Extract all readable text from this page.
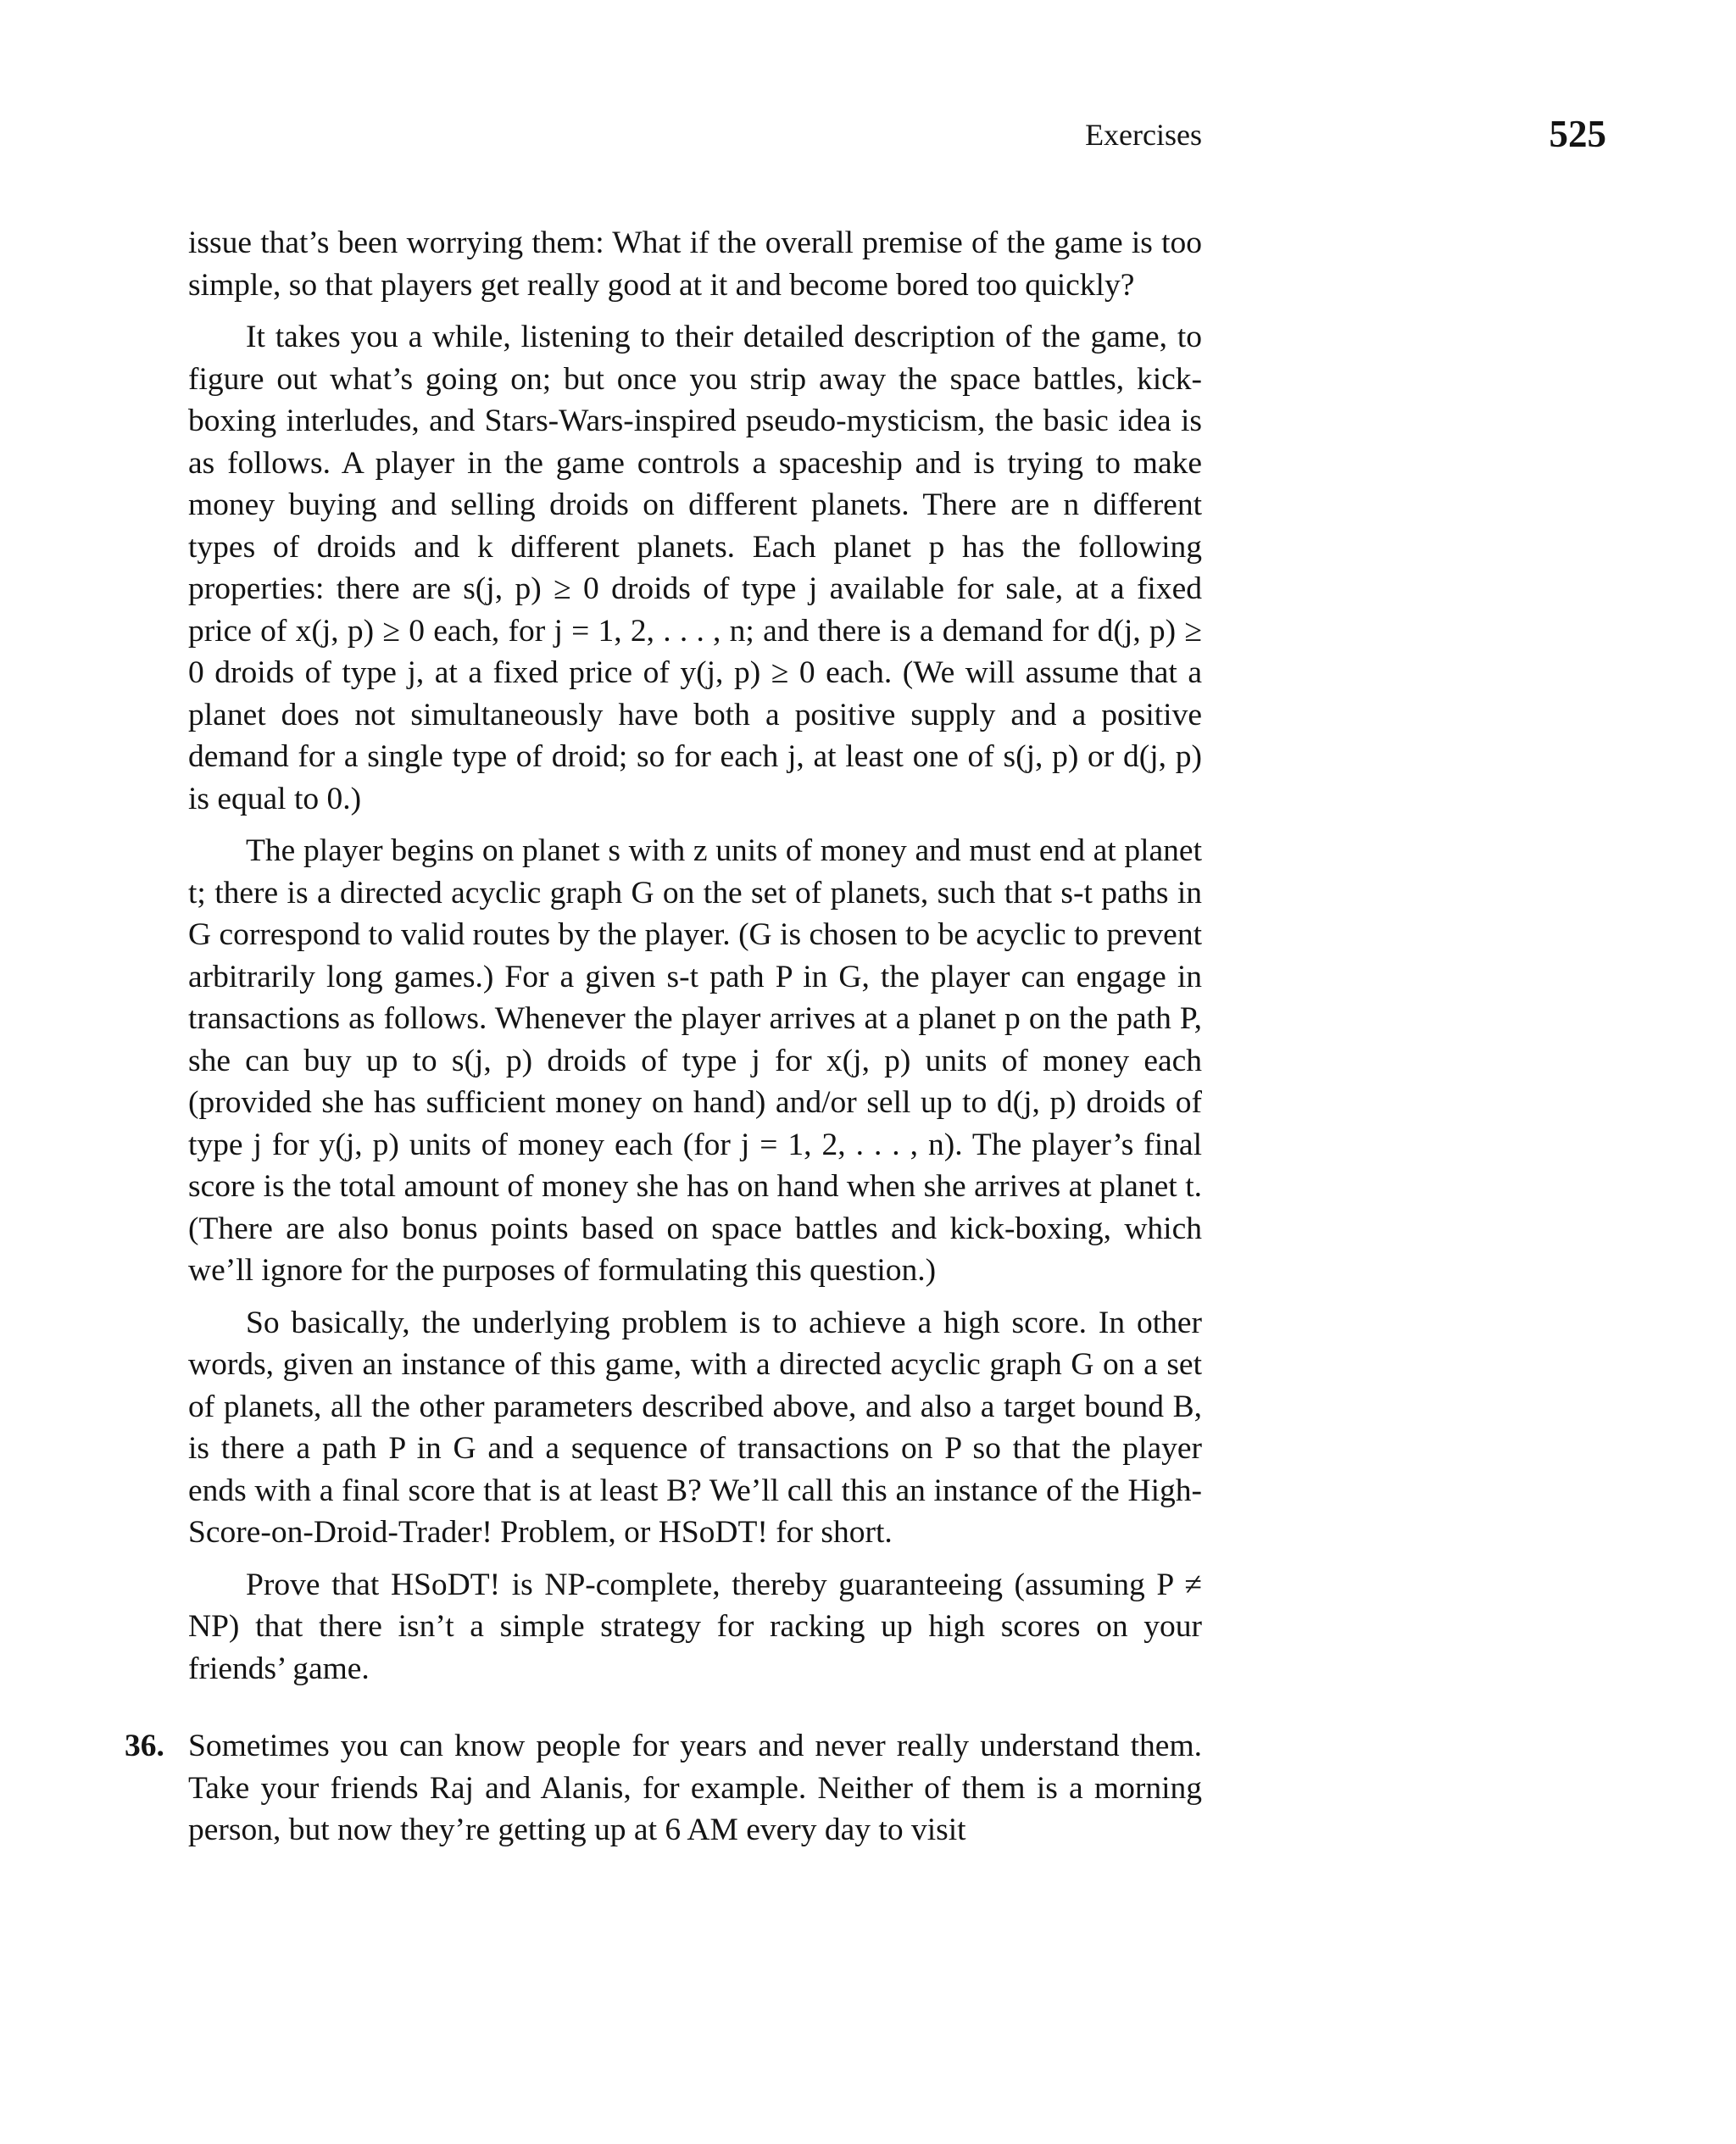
Exercises	525

issue that’s been worrying them: What if the overall premise of the game is too simple, so that players get really good at it and become bored too quickly?

It takes you a while, listening to their detailed description of the game, to figure out what’s going on; but once you strip away the space battles, kick-boxing interludes, and Stars-Wars-inspired pseudo-mysticism, the basic idea is as follows. A player in the game controls a spaceship and is trying to make money buying and selling droids on different planets. There are n different types of droids and k different planets. Each planet p has the following properties: there are s(j, p) ≥ 0 droids of type j available for sale, at a fixed price of x(j, p) ≥ 0 each, for j = 1, 2, . . . , n; and there is a demand for d(j, p) ≥ 0 droids of type j, at a fixed price of y(j, p) ≥ 0 each. (We will assume that a planet does not simultaneously have both a positive supply and a positive demand for a single type of droid; so for each j, at least one of s(j, p) or d(j, p) is equal to 0.)

The player begins on planet s with z units of money and must end at planet t; there is a directed acyclic graph G on the set of planets, such that s-t paths in G correspond to valid routes by the player. (G is chosen to be acyclic to prevent arbitrarily long games.) For a given s-t path P in G, the player can engage in transactions as follows. Whenever the player arrives at a planet p on the path P, she can buy up to s(j, p) droids of type j for x(j, p) units of money each (provided she has sufficient money on hand) and/or sell up to d(j, p) droids of type j for y(j, p) units of money each (for j = 1, 2, . . . , n). The player’s final score is the total amount of money she has on hand when she arrives at planet t. (There are also bonus points based on space battles and kick-boxing, which we’ll ignore for the purposes of formulating this question.)

So basically, the underlying problem is to achieve a high score. In other words, given an instance of this game, with a directed acyclic graph G on a set of planets, all the other parameters described above, and also a target bound B, is there a path P in G and a sequence of transactions on P so that the player ends with a final score that is at least B? We’ll call this an instance of the High-Score-on-Droid-Trader! Problem, or HSoDT! for short.

Prove that HSoDT! is NP-complete, thereby guaranteeing (assuming P ≠ NP) that there isn’t a simple strategy for racking up high scores on your friends’ game.

36. Sometimes you can know people for years and never really understand them. Take your friends Raj and Alanis, for example. Neither of them is a morning person, but now they’re getting up at 6 AM every day to visit
